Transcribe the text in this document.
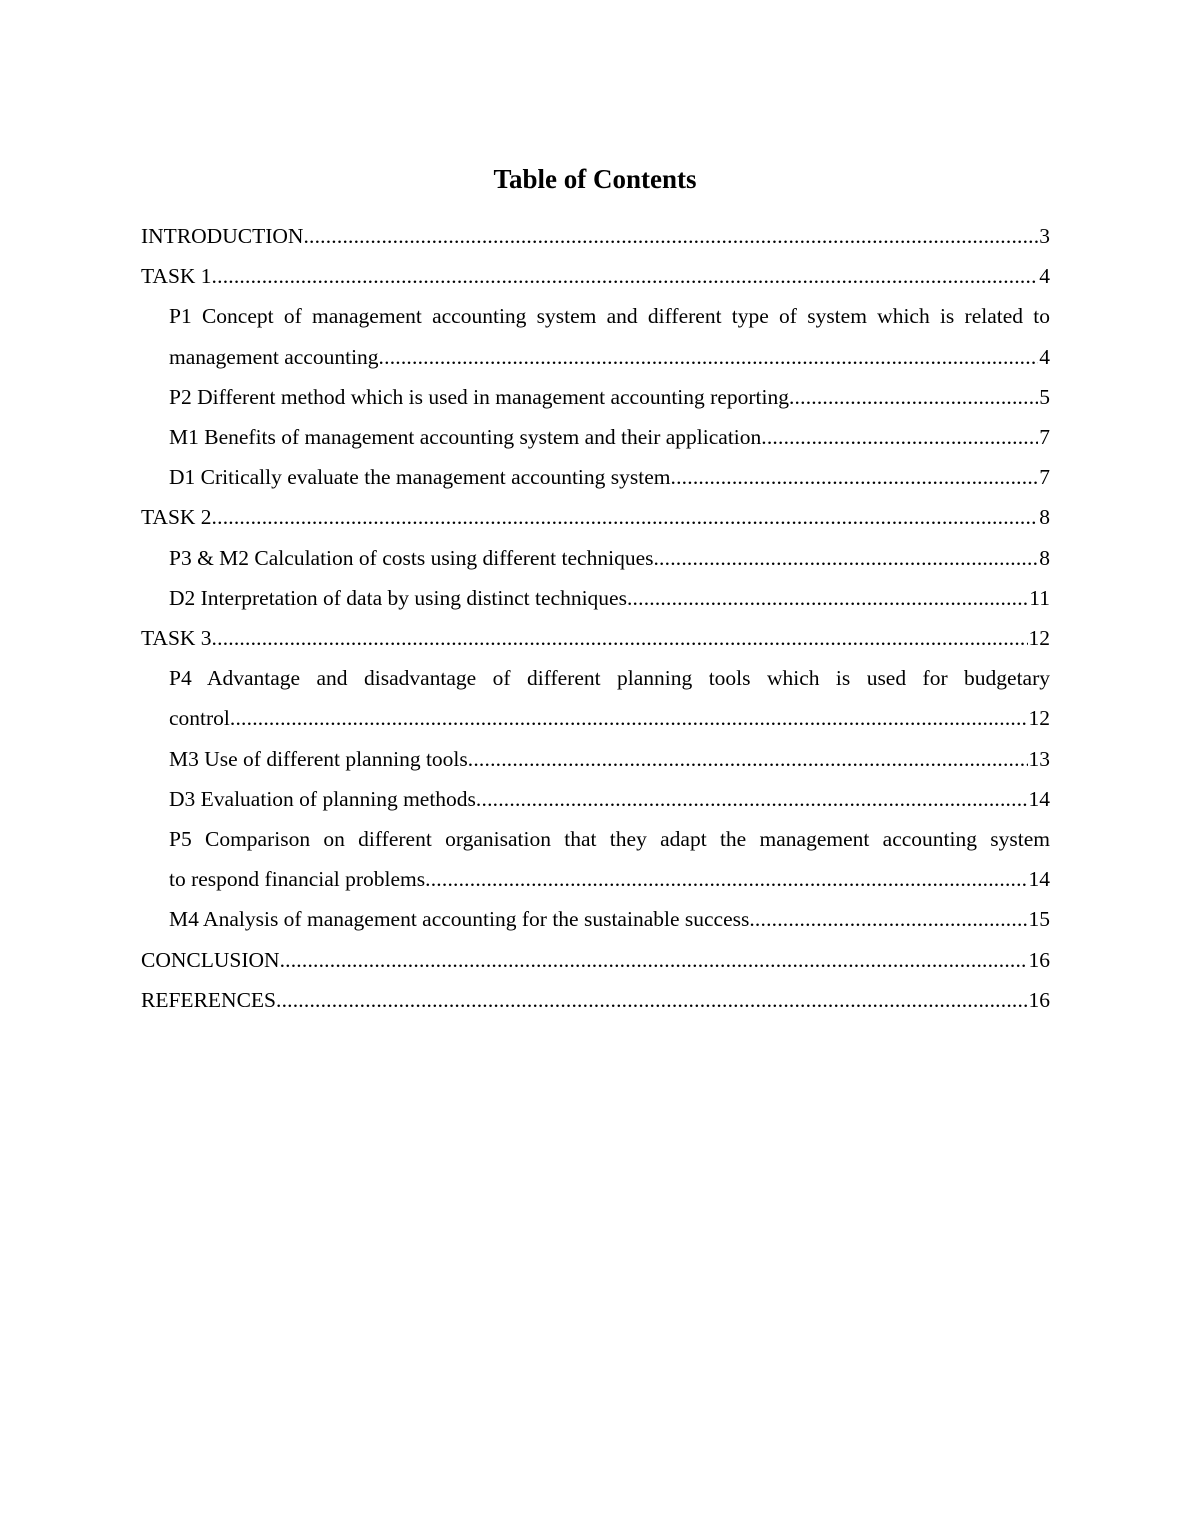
Table of Contents
INTRODUCTION .....	3
TASK 1 .....	4
P1 Concept of management accounting system and different type of system which is related to
management accounting .....	4
P2 Different method which is used in management accounting reporting .....	5
M1 Benefits of management accounting system and their application .....	7
D1 Critically evaluate the management accounting system .....	7
TASK 2 .....	8
P3 & M2 Calculation of costs using different techniques .....	8
D2 Interpretation of data by using distinct techniques .....	11
TASK 3 .....	12
P4 Advantage and disadvantage of different planning tools which is used for budgetary
control .....	12
M3 Use of different planning tools .....	13
D3 Evaluation of planning methods .....	14
P5 Comparison on different organisation that they adapt the management accounting system
to respond financial problems .....	14
M4 Analysis of management accounting for the sustainable success .....	15
CONCLUSION .....	16
REFERENCES .....	16
